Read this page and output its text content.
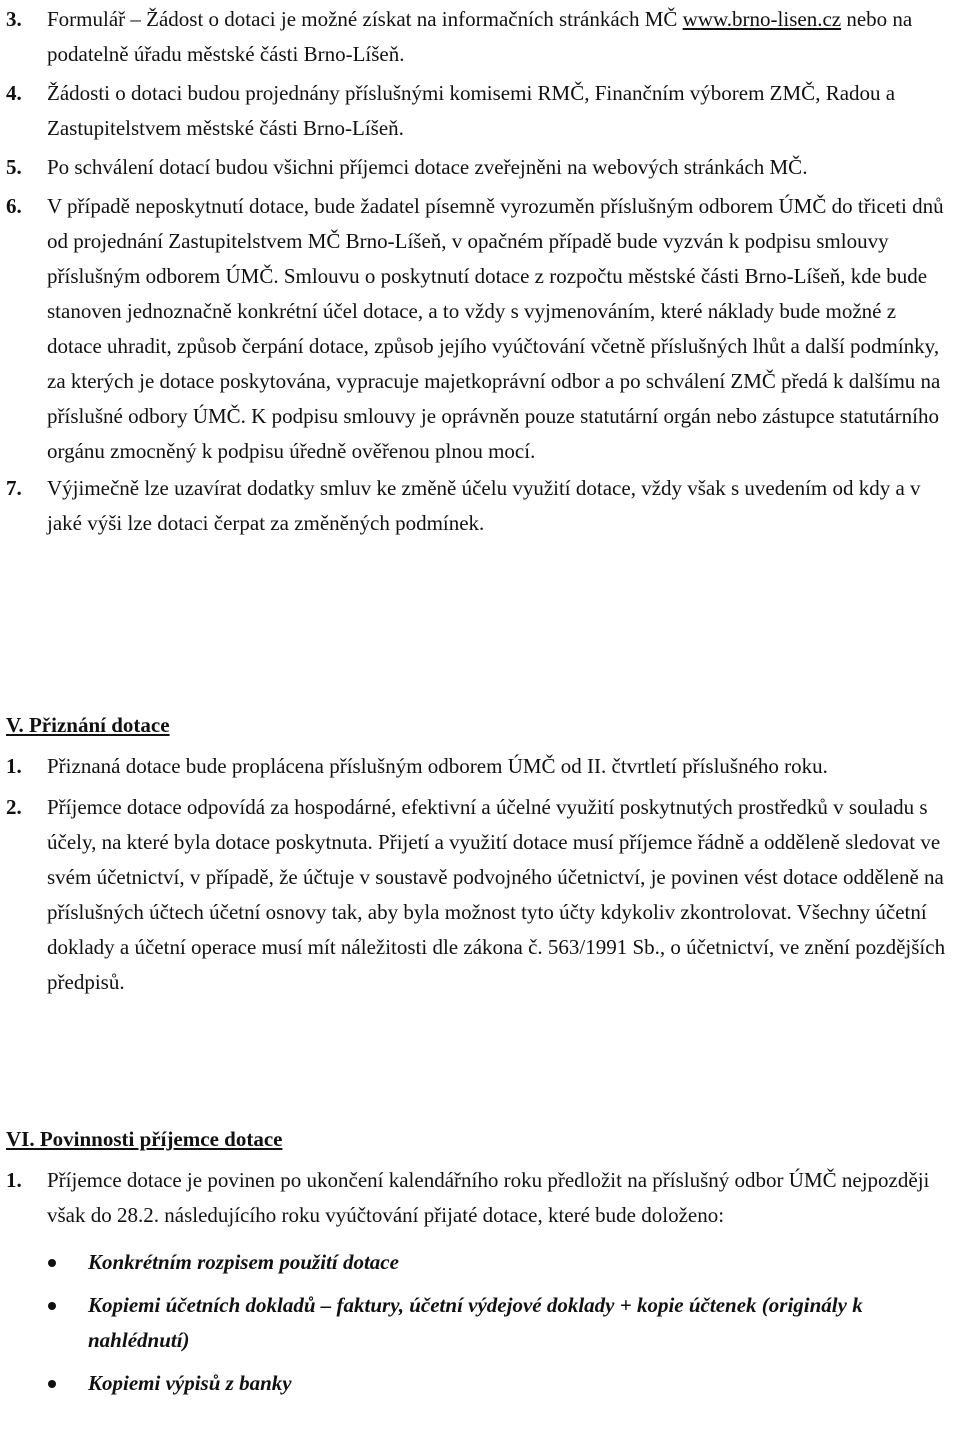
3. Formulář – Žádost o dotaci je možné získat na informačních stránkách MČ www.brno-lisen.cz nebo na podatelně úřadu městské části Brno-Líšeň.
4. Žádosti o dotaci budou projednány příslušnými komisemi RMČ, Finančním výborem ZMČ, Radou a Zastupitelstvem městské části Brno-Líšeň.
5. Po schválení dotací budou všichni příjemci dotace zveřejněni na webových stránkách MČ.
6. V případě neposkytnutí dotace, bude žadatel písemně vyrozuměn příslušným odborem ÚMČ do třiceti dnů od projednání Zastupitelstvem MČ Brno-Líšeň, v opačném případě bude vyzván k podpisu smlouvy příslušným odborem ÚMČ. Smlouvu o poskytnutí dotace z rozpočtu městské části Brno-Líšeň, kde bude stanoven jednoznačně konkrétní účel dotace, a to vždy s vyjmenováním, které náklady bude možné z dotace uhradit, způsob čerpání dotace, způsob jejího vyúčtování včetně příslušných lhůt a další podmínky, za kterých je dotace poskytována, vypracuje majetkoprávní odbor a po schválení ZMČ předá k dalšímu na příslušné odbory ÚMČ. K podpisu smlouvy je oprávněn pouze statutární orgán nebo zástupce statutárního orgánu zmocněný k podpisu úředně ověřenou plnou mocí.
7. Výjimečně lze uzavírat dodatky smluv ke změně účelu využití dotace, vždy však s uvedením od kdy a v jaké výši lze dotaci čerpat za změněných podmínek.
V. Přiznání dotace
1. Přiznaná dotace bude proplácena příslušným odborem ÚMČ od II. čtvrtletí příslušného roku.
2. Příjemce dotace odpovídá za hospodárné, efektivní a účelné využití poskytnutých prostředků v souladu s účely, na které byla dotace poskytnuta. Přijetí a využití dotace musí příjemce řádně a odděleně sledovat ve svém účetnictví, v případě, že účtuje v soustavě podvojného účetnictví, je povinen vést dotace odděleně na příslušných účtech účetní osnovy tak, aby byla možnost tyto účty kdykoliv zkontrolovat. Všechny účetní doklady a účetní operace musí mít náležitosti dle zákona č. 563/1991 Sb., o účetnictví, ve znění pozdějších předpisů.
VI. Povinnosti příjemce dotace
1. Příjemce dotace je povinen po ukončení kalendářního roku předložit na příslušný odbor ÚMČ nejpozději však do 28.2. následujícího roku vyúčtování přijaté dotace, které bude doloženo:
Konkrétním rozpisem použití dotace
Kopiemi účetních dokladů – faktury, účetní výdejové doklady + kopie účtenek (originály k nahlédnutí)
Kopiemi výpisů z banky
